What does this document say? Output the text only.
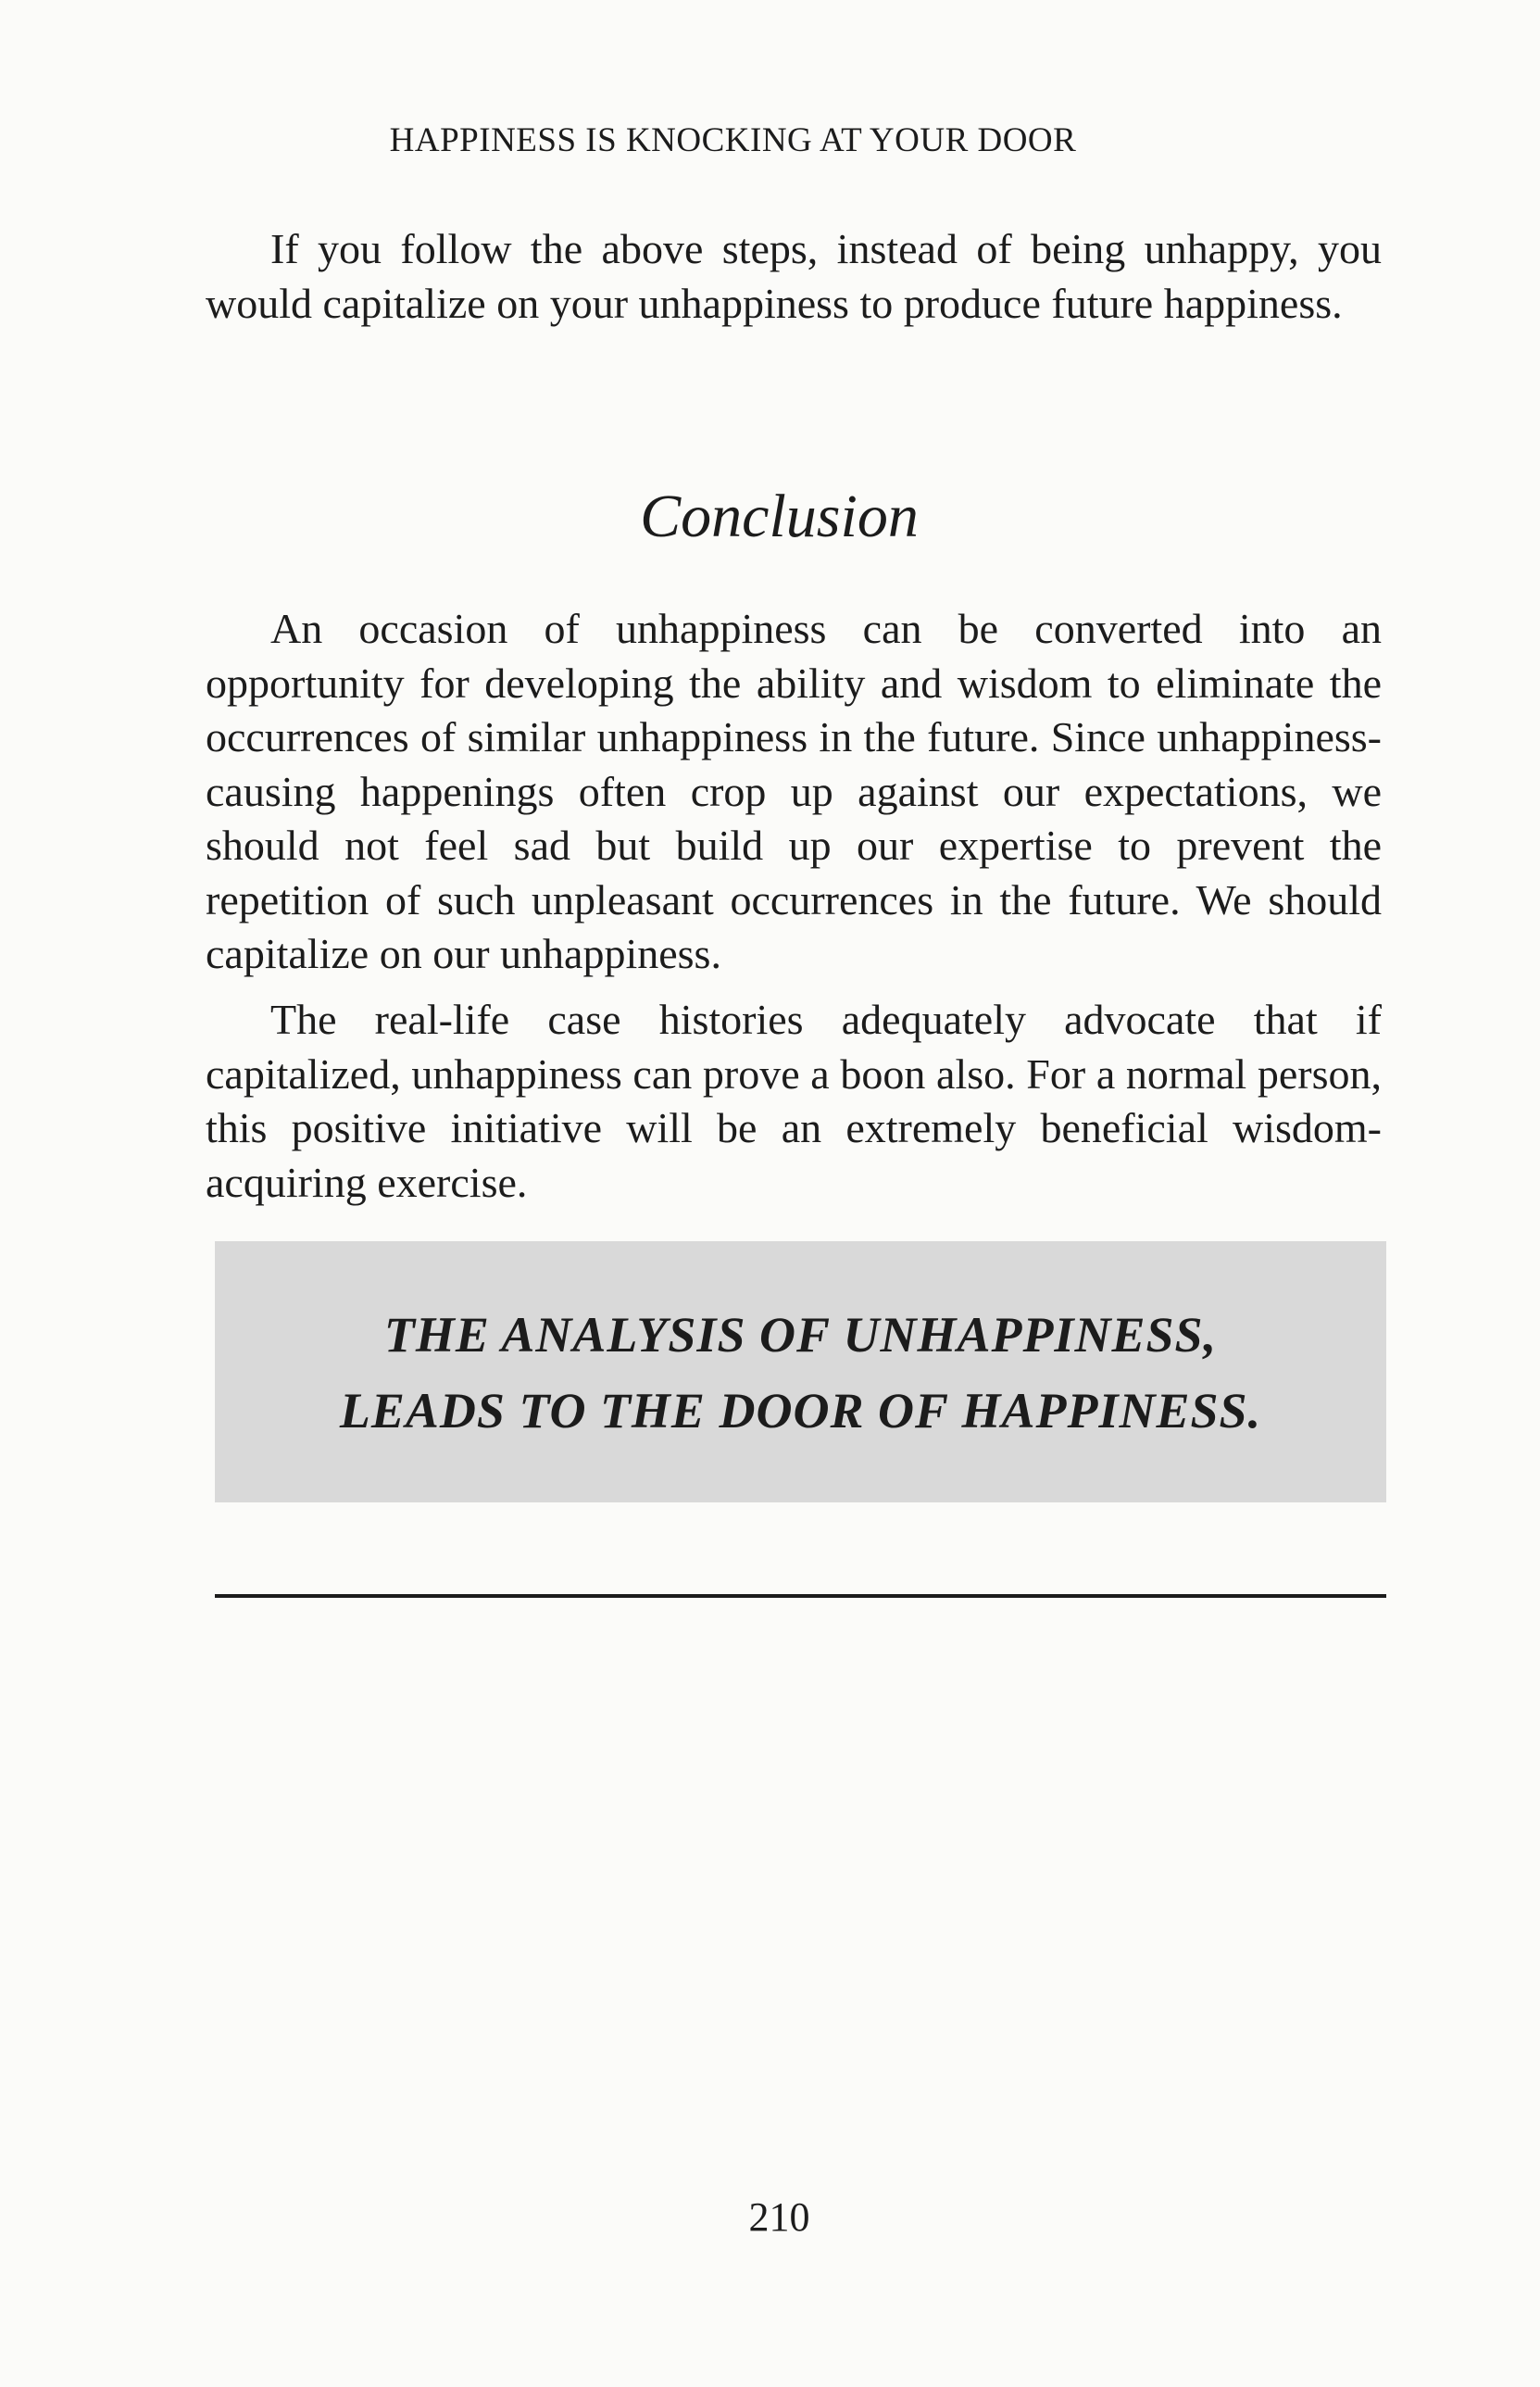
HAPPINESS IS KNOCKING AT YOUR DOOR

If you follow the above steps, instead of being unhappy, you would capitalize on your unhappiness to produce future happiness.

Conclusion

An occasion of unhappiness can be converted into an opportunity for developing the ability and wisdom to eliminate the occurrences of similar unhappiness in the future. Since unhappiness-causing happenings often crop up against our expectations, we should not feel sad but build up our expertise to prevent the repetition of such unpleasant occurrences in the future. We should capitalize on our unhappiness.

The real-life case histories adequately advocate that if capitalized, unhappiness can prove a boon also. For a normal person, this positive initiative will be an extremely beneficial wisdom-acquiring exercise.

THE ANALYSIS OF UNHAPPINESS,
LEADS TO THE DOOR OF HAPPINESS.
210
